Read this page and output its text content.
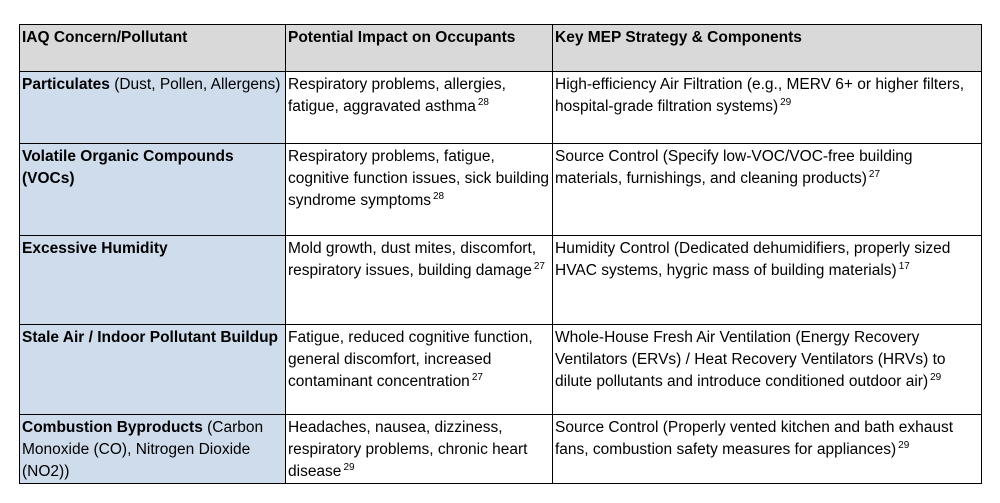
IAQ Concern/Pollutant	Potential Impact on Occupants	Key MEP Strategy & Components
Particulates (Dust, Pollen, Allergens)	Respiratory problems, allergies, fatigue, aggravated asthma $^{28}$	High-efficiency Air Filtration (e.g., MERV 6+ or higher filters, hospital-grade filtration systems) $^{29}$
Volatile Organic Compounds (VOCs)	Respiratory problems, fatigue, cognitive function issues, sick building syndrome symptoms $^{28}$	Source Control (Specify low-VOC/VOC-free building materials, furnishings, and cleaning products) $^{27}$
Excessive Humidity	Mold growth, dust mites, discomfort, respiratory issues, building damage $^{27}$	Humidity Control (Dedicated dehumidifiers, properly sized HVAC systems, hygric mass of building materials) $^{17}$
Stale Air / Indoor Pollutant Buildup	Fatigue, reduced cognitive function, general discomfort, increased contaminant concentration $^{27}$	Whole-House Fresh Air Ventilation (Energy Recovery Ventilators (ERVs) / Heat Recovery Ventilators (HRVs) to dilute pollutants and introduce conditioned outdoor air) $^{29}$
Combustion Byproducts (Carbon Monoxide (CO), Nitrogen Dioxide (NO2))	Headaches, nausea, dizziness, respiratory problems, chronic heart disease $^{29}$	Source Control (Properly vented kitchen and bath exhaust fans, combustion safety measures for appliances) $^{29}$
